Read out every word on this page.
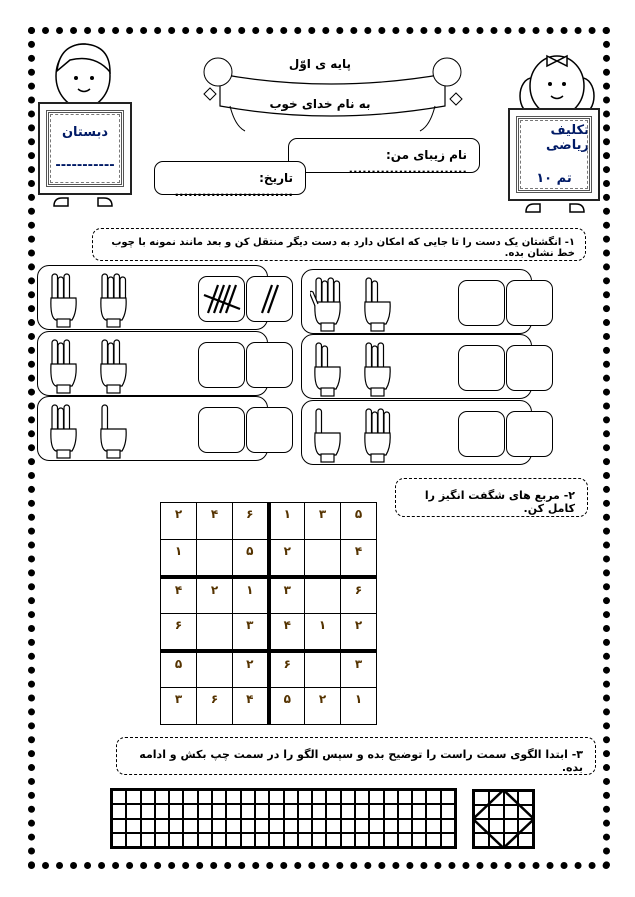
دبستان
-----------
تکلیف ریاضی
تم ۱۰
پایه ی اوّل
به نام خدای خوب
نام زیبای من: ..........................
تاریخ: ..........................
۱- انگشتان یک دست را تا جایی که امکان دارد به دست دیگر منتقل کن و بعد مانند نمونه با چوب خط نشان بده.
۲- مربع های شگفت انگیز را کامل کن.
۲	۴	۶	۱	۳	۵
۱		۵	۲		۴
۴	۲	۱	۳		۶
۶		۳	۴	۱	۲
۵		۲	۶		۳
۳	۶	۴	۵	۲	۱
۳- ابتدا الگوی سمت راست را توضیح بده و سپس الگو را در سمت چپ بکش و ادامه بده.
